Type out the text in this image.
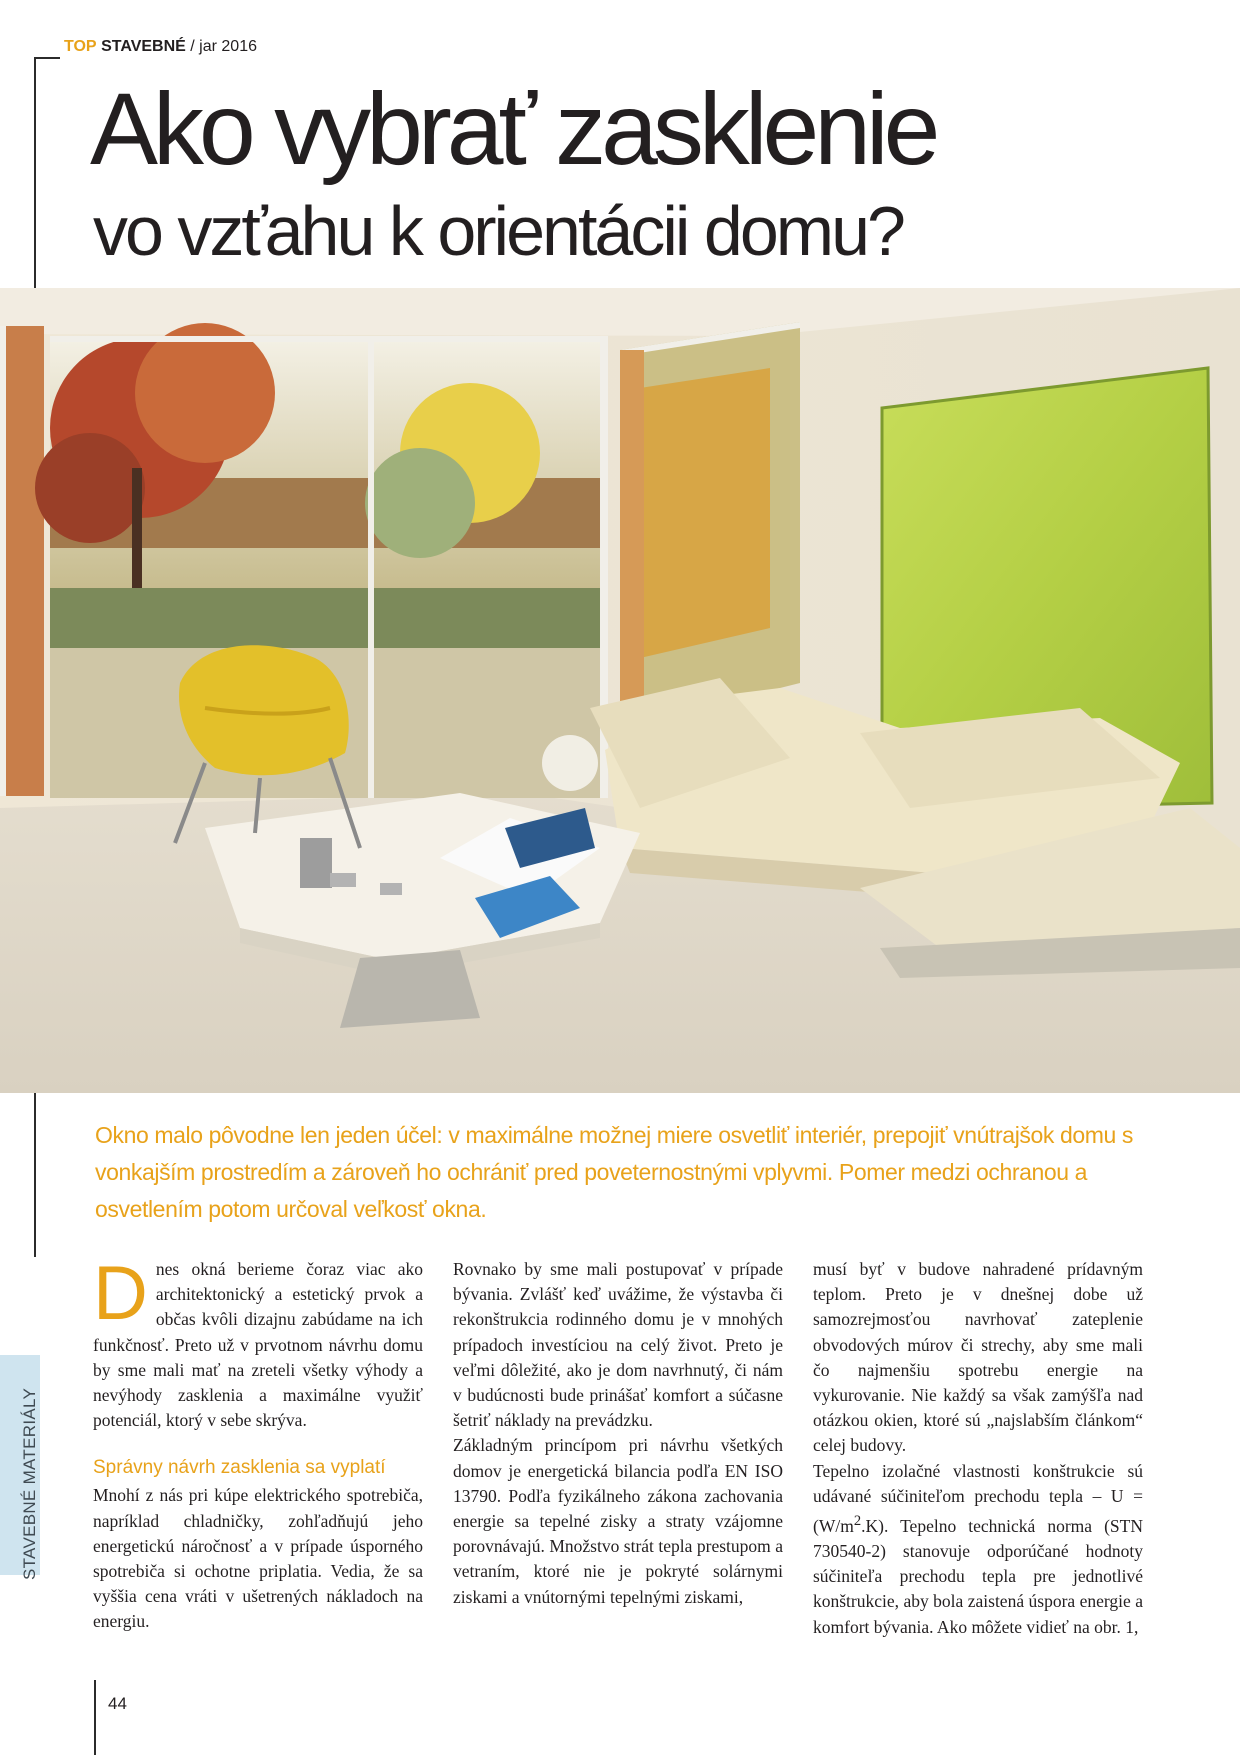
TOP STAVEBNÉ / jar 2016
Ako vybrať zasklenie
vo vzťahu k orientácii domu?

Okno malo pôvodne len jeden účel: v maximálne možnej miere osvetliť interiér, prepojiť vnútrajšok domu s vonkajším prostredím a zároveň ho ochrániť pred poveternostnými vplyvmi. Pomer medzi ochranou a osvetlením potom určoval veľkosť okna.

Dnes okná berieme čoraz viac ako architektonický a estetický prvok a občas kvôli dizajnu zabúdame na ich funkčnosť. Preto už v prvotnom návrhu domu by sme mali mať na zreteli všetky výhody a nevýhody zasklenia a maximálne využiť potenciál, ktorý v sebe skrýva.

Správny návrh zasklenia sa vyplatí

Mnohí z nás pri kúpe elektrického spotrebiča, napríklad chladničky, zohľadňujú jeho energetickú náročnosť a v prípade úsporného spotrebiča si ochotne priplatia. Vedia, že sa vyššia cena vráti v ušetrených nákladoch na energiu.

Rovnako by sme mali postupovať v prípade bývania. Zvlášť keď uvážime, že výstavba či rekonštrukcia rodinného domu je v mnohých prípadoch investíciou na celý život. Preto je veľmi dôležité, ako je dom navrhnutý, či nám v budúcnosti bude prinášať komfort a súčasne šetriť náklady na prevádzku.

Základným princípom pri návrhu všetkých domov je energetická bilancia podľa EN ISO 13790. Podľa fyzikálneho zákona zachovania energie sa tepelné zisky a straty vzájomne porovnávajú. Množstvo strát tepla prestupom a vetraním, ktoré nie je pokryté solárnymi ziskami a vnútornými tepelnými ziskami,

musí byť v budove nahradené prídavným teplom. Preto je v dnešnej dobe už samozrejmosťou navrhovať zateplenie obvodových múrov či strechy, aby sme mali čo najmenšiu spotrebu energie na vykurovanie. Nie každý sa však zamýšľa nad otázkou okien, ktoré sú „najslabším článkom“ celej budovy.

Tepelno izolačné vlastnosti konštrukcie sú udávané súčiniteľom prechodu tepla – $U = (W/m^2.K)$. Tepelno technická norma (STN 730540-2) stanovuje odporúčané hodnoty súčiniteľa prechodu tepla pre jednotlivé konštrukcie, aby bola zaistená úspora energie a komfort bývania. Ako môžete vidieť na obr. 1,

STAVEBNÉ MATERIÁLY
44
